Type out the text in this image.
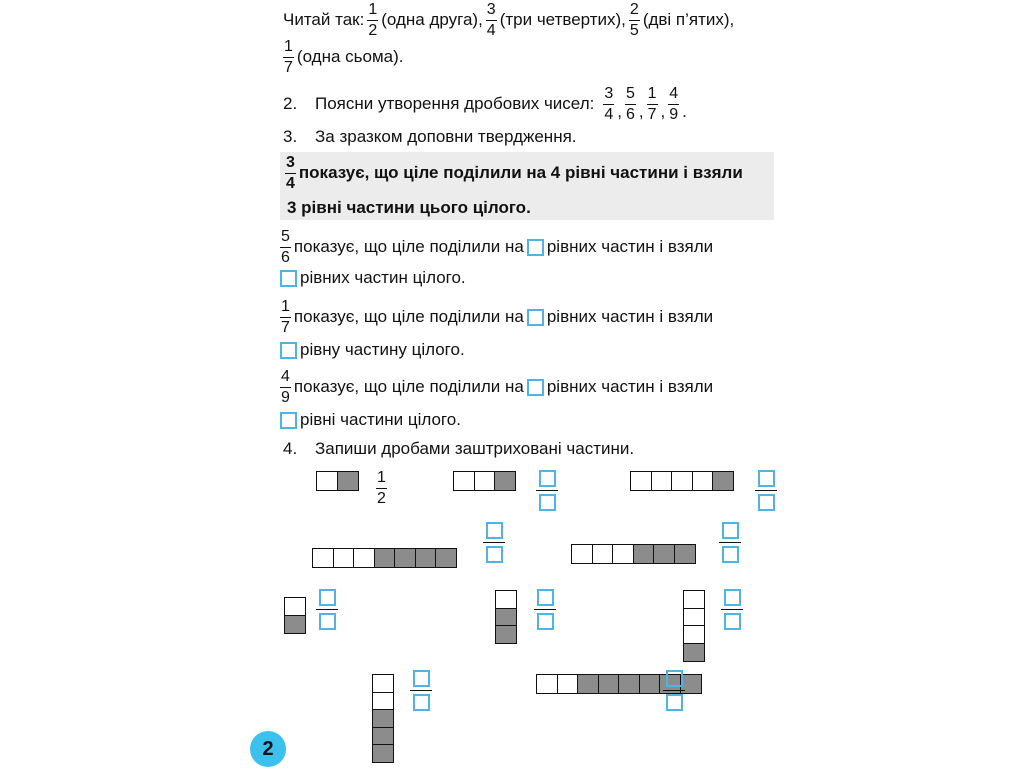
Читай так: $\frac{1}{2}$ (одна друга), $\frac{3}{4} (три$ четвертих), $\frac{2}{5} (дві$ п’ятих),
$\frac{1}{7}$ (одна сьома).
2.	Поясни утворення дробових чисел: $\frac{3}{4}$ , $\frac{5}{6}$ , $\frac{1}{7}$ , $\frac{4}{9}$ .
3.	За зразком доповни твердження.
$\frac{3}{4}$ показує, що ціле поділили на 4 рівні частини і взяли
3 рівні частини цього цілого.
$\frac{5}{6}$ показує, що ціле поділили на рівних частин і взяли
рівних частин цілого.
$\frac{1}{7}$ показує, що ціле поділили на рівних частин і взяли
рівну частину цілого.
$\frac{4}{9}$ показує, що ціле поділили на рівних частин і взяли
рівні частини цілого.
4.	Запиши дробами заштриховані частини.
$\frac{1}{2}$
2
